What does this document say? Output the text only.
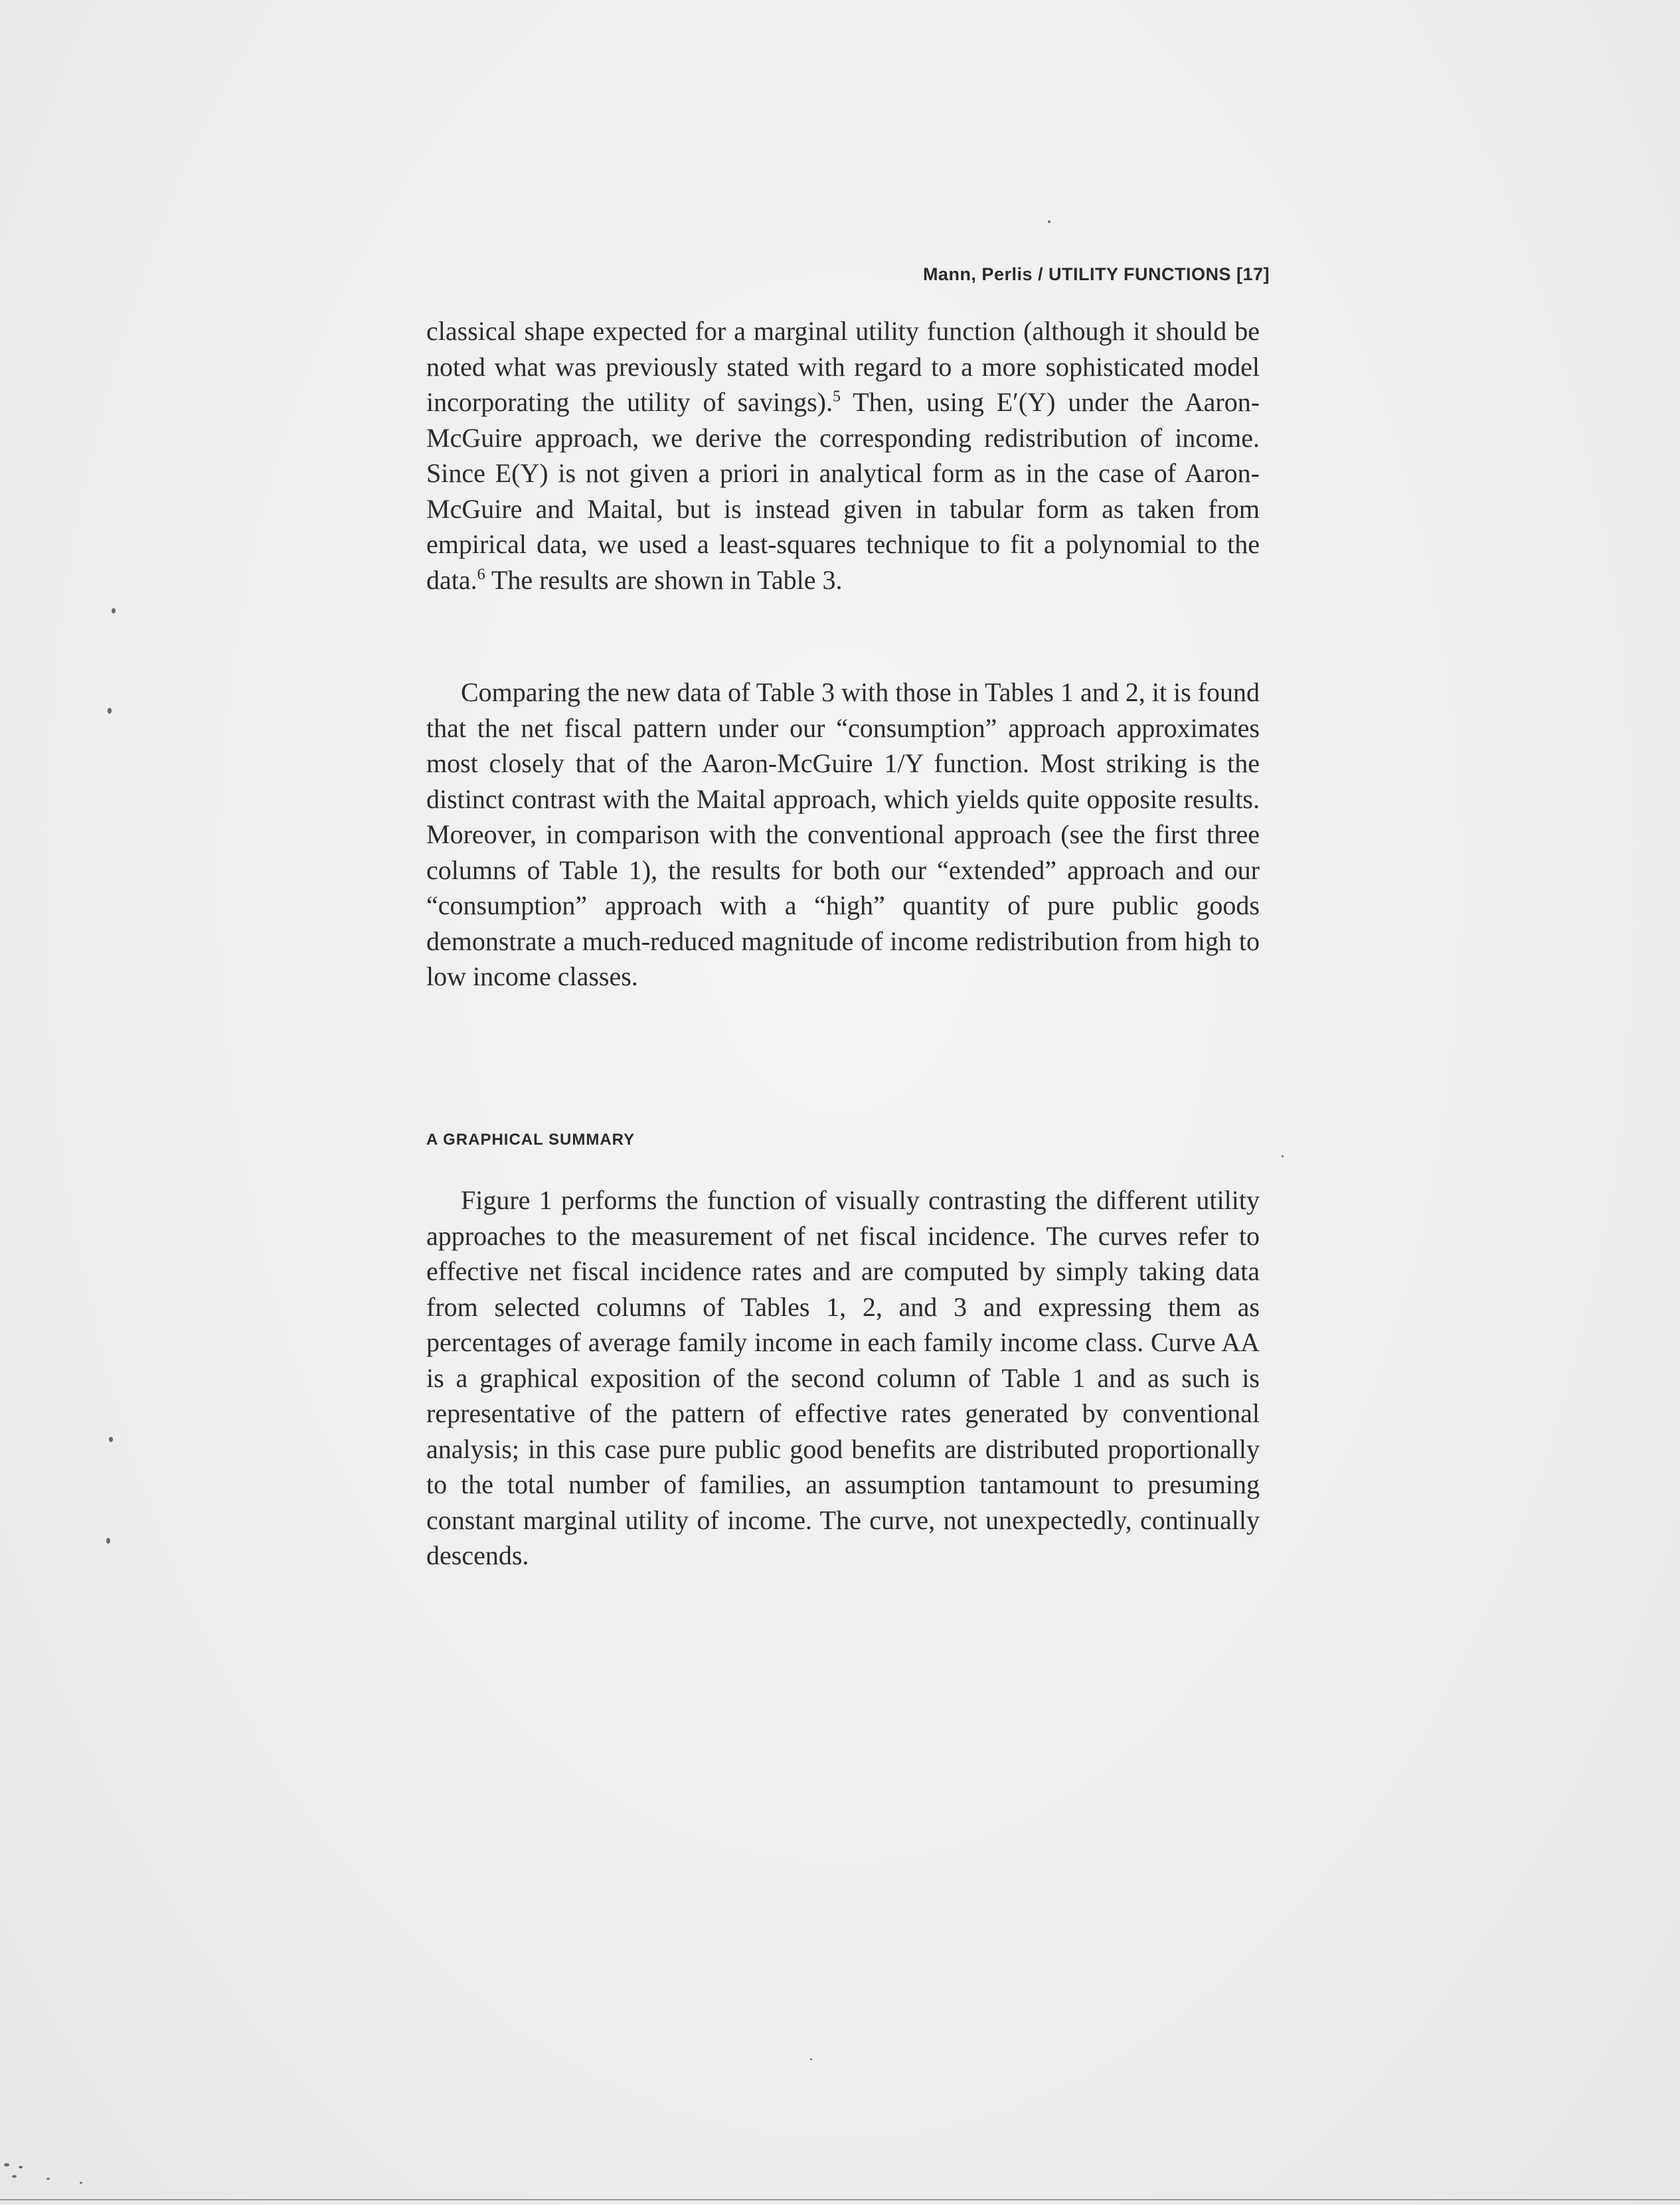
Mann, Perlis / UTILITY FUNCTIONS [17]

classical shape expected for a marginal utility function (although it should be noted what was previously stated with regard to a more sophisticated model incorporating the utility of savings).$^5$ Then, using E′(Y) under the Aaron-McGuire approach, we derive the corresponding redistribution of income. Since E(Y) is not given a priori in analytical form as in the case of Aaron-McGuire and Maital, but is instead given in tabular form as taken from empirical data, we used a least-squares technique to fit a polynomial to the data.$^6$ The results are shown in Table 3.

Comparing the new data of Table 3 with those in Tables 1 and 2, it is found that the net fiscal pattern under our “consumption” approach approximates most closely that of the Aaron-McGuire 1/Y function. Most striking is the distinct contrast with the Maital approach, which yields quite opposite results. Moreover, in comparison with the conventional approach (see the first three columns of Table 1), the results for both our “extended” approach and our “consumption” approach with a “high” quantity of pure public goods demonstrate a much-reduced magnitude of income redistribution from high to low income classes.

A GRAPHICAL SUMMARY

Figure 1 performs the function of visually contrasting the different utility approaches to the measurement of net fiscal incidence. The curves refer to effective net fiscal incidence rates and are computed by simply taking data from selected columns of Tables 1, 2, and 3 and expressing them as percentages of average family income in each family income class. Curve AA is a graphical exposition of the second column of Table 1 and as such is representative of the pattern of effective rates generated by conventional analysis; in this case pure public good benefits are distributed proportionally to the total number of families, an assumption tantamount to presuming constant marginal utility of income. The curve, not unexpectedly, continually descends.
